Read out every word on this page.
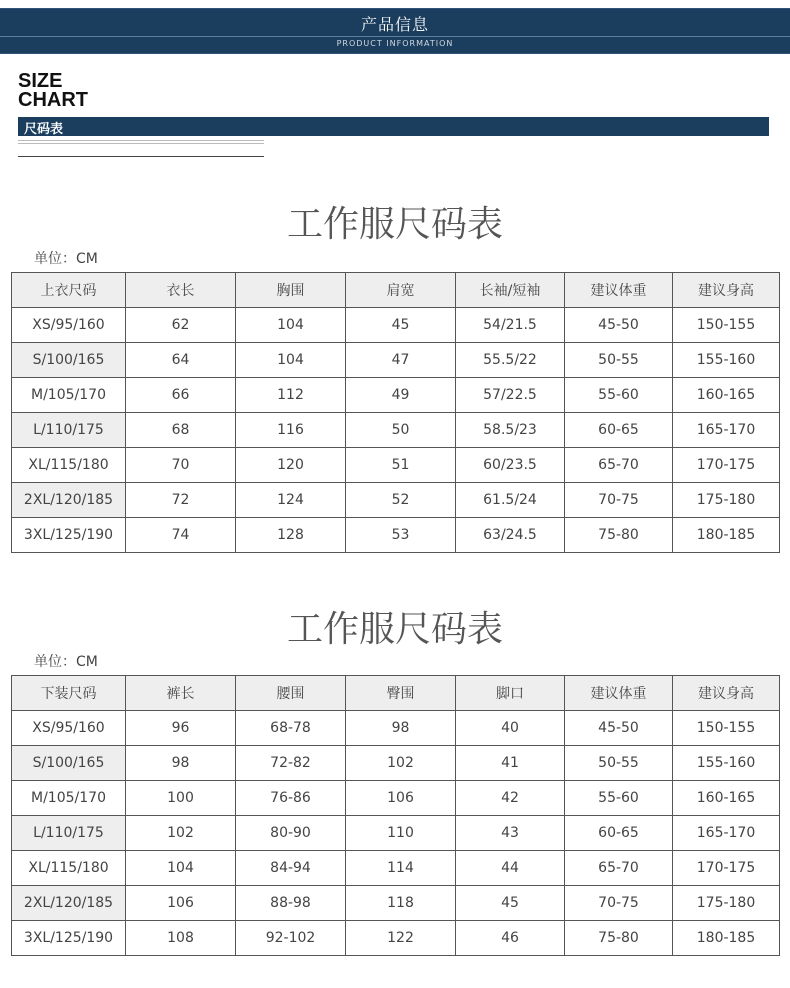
产品信息
PRODUCT INFORMATION
SIZE
CHART
尺码表
工作服尺码表
单位：CM
上衣尺码	衣长	胸围	肩宽	长袖/短袖	建议体重	建议身高
XS/95/160	62	104	45	54/21.5	45-50	150-155
S/100/165	64	104	47	55.5/22	50-55	155-160
M/105/170	66	112	49	57/22.5	55-60	160-165
L/110/175	68	116	50	58.5/23	60-65	165-170
XL/115/180	70	120	51	60/23.5	65-70	170-175
2XL/120/185	72	124	52	61.5/24	70-75	175-180
3XL/125/190	74	128	53	63/24.5	75-80	180-185
工作服尺码表
单位：CM
下装尺码	裤长	腰围	臀围	脚口	建议体重	建议身高
XS/95/160	96	68-78	98	40	45-50	150-155
S/100/165	98	72-82	102	41	50-55	155-160
M/105/170	100	76-86	106	42	55-60	160-165
L/110/175	102	80-90	110	43	60-65	165-170
XL/115/180	104	84-94	114	44	65-70	170-175
2XL/120/185	106	88-98	118	45	70-75	175-180
3XL/125/190	108	92-102	122	46	75-80	180-185
